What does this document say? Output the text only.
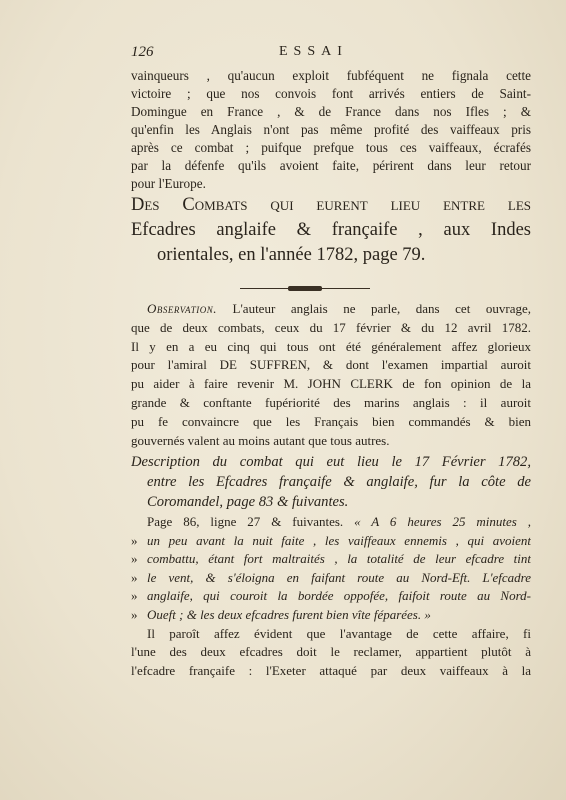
126	ESSAI
vainqueurs , qu'aucun exploit fubféquent ne fignala cette
victoire ; que nos convois font arrivés entiers de Saint-
Domingue en France , & de France dans nos Ifles ; &
qu'enfin les Anglais n'ont pas même profité des vaiffeaux pris
après ce combat ; puifque prefque tous ces vaiffeaux, écrafés
par la défenfe qu'ils avoient faite, périrent dans leur retour
pour l'Europe.
Des Combats qui eurent lieu entre les
Efcadres anglaife & françaife , aux Indes
orientales, en l'année 1782, page 79.
Observation. L'auteur anglais ne parle, dans cet ouvrage,
que de deux combats, ceux du 17 février & du 12 avril 1782.
Il y en a eu cinq qui tous ont été généralement affez glorieux
pour l'amiral DE SUFFREN, & dont l'examen impartial auroit
pu aider à faire revenir M. JOHN CLERK de fon opinion de la
grande & conftante fupériorité des marins anglais : il auroit
pu fe convaincre que les Français bien commandés & bien
gouvernés valent au moins autant que tous autres.
Description du combat qui eut lieu le 17 Février 1782,
entre les Efcadres françaife & anglaife, fur la côte de
Coromandel, page 83 & fuivantes.
Page 86, ligne 27 & fuivantes. « A 6 heures 25 minutes ,
» un peu avant la nuit faite , les vaiffeaux ennemis , qui avoient
» combattu, étant fort maltraités , la totalité de leur efcadre tint
» le vent, & s'éloigna en faifant route au Nord-Eft. L'efcadre
» anglaife, qui couroit la bordée oppofée, faifoit route au Nord-
» Oueft ; & les deux efcadres furent bien vîte féparées. »
Il paroît affez évident que l'avantage de cette affaire, fi
l'une des deux efcadres doit le reclamer, appartient plutôt à
l'efcadre françaife : l'Exeter attaqué par deux vaiffeaux à la
